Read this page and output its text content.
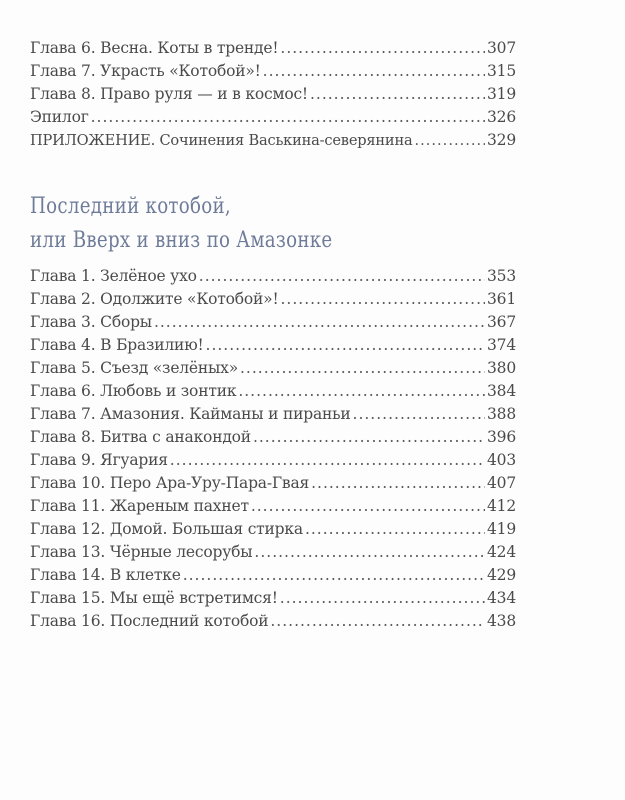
Глава 6. Весна. Коты в тренде! .....	307
Глава 7. Украсть «Котобой»! .....	315
Глава 8. Право руля — и в космос! .....	319
Эпилог .....	326
ПРИЛОЖЕНИЕ. Сочинения Васькина-северянина .....	329
Последний котобой,
или Вверх и вниз по Амазонке
Глава 1. Зелёное ухо .....	353
Глава 2. Одолжите «Котобой»! .....	361
Глава 3. Сборы .....	367
Глава 4. В Бразилию! .....	374
Глава 5. Съезд «зелёных» .....	380
Глава 6. Любовь и зонтик .....	384
Глава 7. Амазония. Кайманы и пираньи .....	388
Глава 8. Битва с анакондой .....	396
Глава 9. Ягуария .....	403
Глава 10. Перо Ара-Уру-Пара-Гвая .....	407
Глава 11. Жареным пахнет .....	412
Глава 12. Домой. Большая стирка .....	419
Глава 13. Чёрные лесорубы .....	424
Глава 14. В клетке .....	429
Глава 15. Мы ещё встретимся! .....	434
Глава 16. Последний котобой .....	438
